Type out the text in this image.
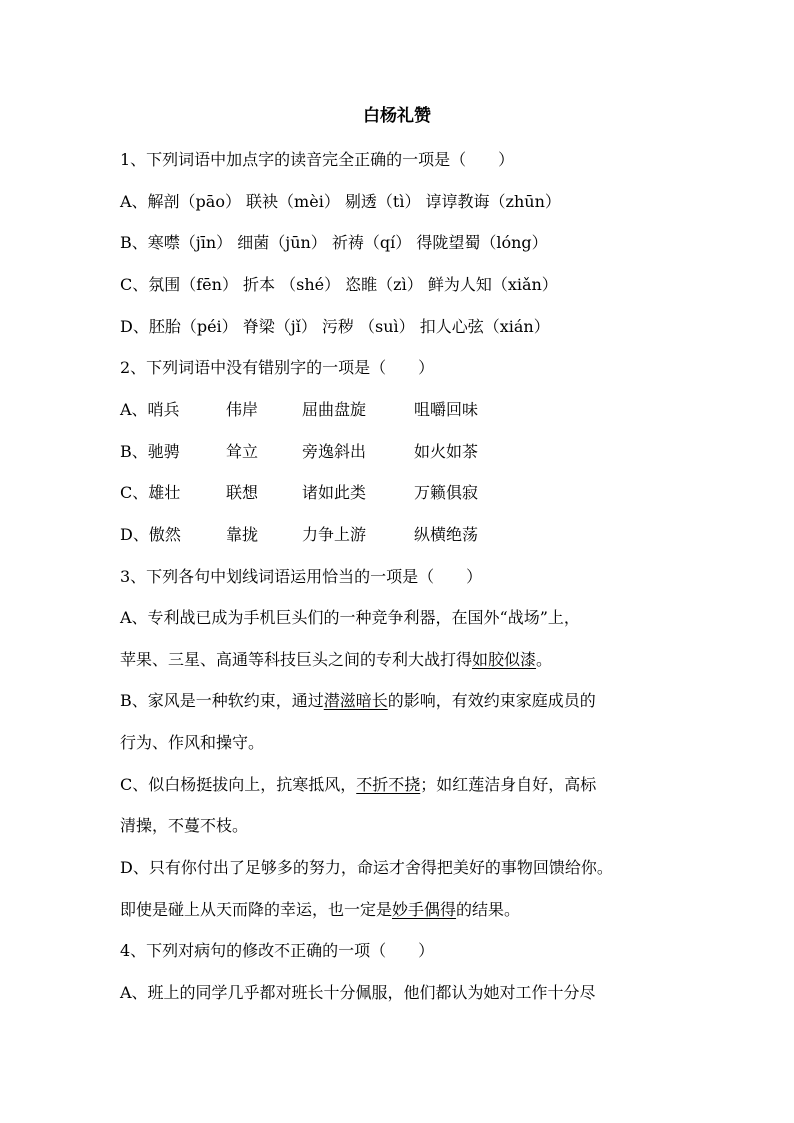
白杨礼赞
1、下列词语中加点字的读音完全正确的一项是（　　）
A、解剖（pāo） 联袂（mèi） 剔透（tì） 谆谆教诲（zhūn）
B、寒噤（jīn） 细菌（jūn） 祈祷（qí） 得陇望蜀（lóng）
C、氛围（fēn） 折本 （shé） 恣睢（zì） 鲜为人知（xiǎn）
D、胚胎（péi） 脊梁（jǐ） 污秽 （suì） 扣人心弦（xián）
2、下列词语中没有错别字的一项是（　　）
A、哨兵	伟岸	屈曲盘旋	咀嚼回味
B、驰骋	耸立	旁逸斜出	如火如茶
C、雄壮	联想	诸如此类	万籁俱寂
D、傲然	靠拢	力争上游	纵横绝荡
3、下列各句中划线词语运用恰当的一项是（　　）
A、专利战已成为手机巨头们的一种竞争利器，在国外“战场”上，
苹果、三星、高通等科技巨头之间的专利大战打得如胶似漆。
B、家风是一种软约束，通过潜滋暗长的影响，有效约束家庭成员的
行为、作风和操守。
C、似白杨挺拔向上，抗寒抵风，不折不挠；如红莲洁身自好，高标
清操，不蔓不枝。
D、只有你付出了足够多的努力，命运才舍得把美好的事物回馈给你。
即使是碰上从天而降的幸运，也一定是妙手偶得的结果。
4、下列对病句的修改不正确的一项（　　）
A、班上的同学几乎都对班长十分佩服，他们都认为她对工作十分尽
